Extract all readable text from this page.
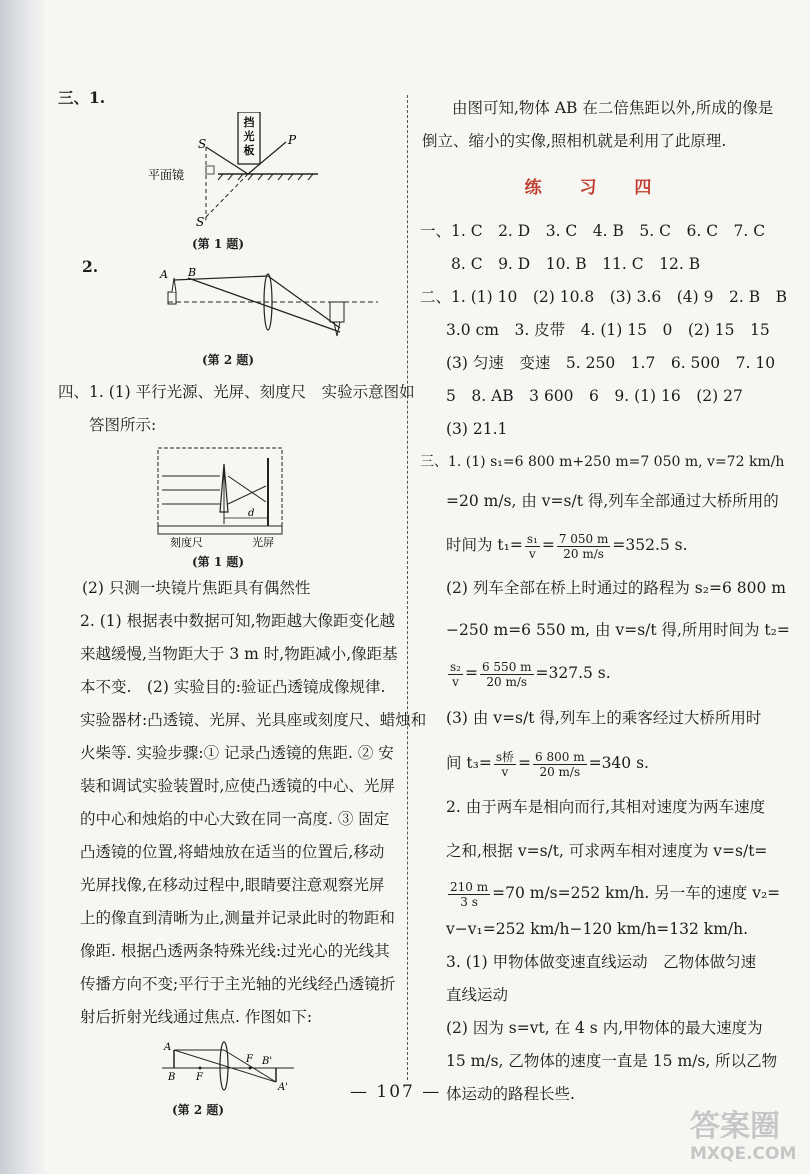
三、1.
挡
光
板
S	P
S'
平面镜
(第 1 题)
2.	A B
(第 2 题)
四、1. (1) 平行光源、光屏、刻度尺　实验示意图如
　　答图所示:
d
刻度尺	光屏
(第 1 题)
(2) 只测一块镜片焦距具有偶然性
2. (1) 根据表中数据可知,物距越大像距变化越
来越缓慢,当物距大于 3 m 时,物距减小,像距基
本不变.　(2) 实验目的:验证凸透镜成像规律.
实验器材:凸透镜、光屏、光具座或刻度尺、蜡烛和
火柴等. 实验步骤:① 记录凸透镜的焦距. ② 安
装和调试实验装置时,应使凸透镜的中心、光屏
的中心和烛焰的中心大致在同一高度. ③ 固定
凸透镜的位置,将蜡烛放在适当的位置后,移动
光屏找像,在移动过程中,眼睛要注意观察光屏
上的像直到清晰为止,测量并记录此时的物距和
像距. 根据凸透两条特殊光线:过光心的光线其
传播方向不变;平行于主光轴的光线经凸透镜折
射后折射光线通过焦点. 作图如下:
A
B F
F B'
A'
(第 2 题)
由图可知,物体 AB 在二倍焦距以外,所成的像是
倒立、缩小的实像,照相机就是利用了此原理.
练 习 四
一、1. C　2. D　3. C　4. B　5. C　6. C　7. C
　　8. C　9. D　10. B　11. C　12. B
二、1. (1) 10　(2) 10.8　(3) 3.6　(4) 9　2. B　B
3.0 cm　3. 皮带　4. (1) 15　0　(2) 15　15
(3) 匀速　变速　5. 250　1.7　6. 500　7. 10
5　8. AB　3 600　6　9. (1) 16　(2) 27
(3) 21.1
三、1. (1) s₁=6 800 m+250 m=7 050 m, v=72 km/h
=20 m/s, 由 v=s/t 得,列车全部通过大桥所用的
时间为 $t_1= \frac{\text{s₁}}{v} = \frac{7 050 m}{20 m/s} =352.5$ s.
(2) 列车全部在桥上时通过的路程为 s₂=6 800 m
−250 m=6 550 m, 由 v=s/t 得,所用时间为 t₂=
$\frac{\text{s₂}}{v} = \frac{6 550 m}{20 m/s} =327.5$ s.
(3) 由 v=s/t 得,列车上的乘客经过大桥所用时
间 $t_3= \frac{\text{s桥}}{v} = \frac{6 800 m}{20 m/s} =340$ s.
2. 由于两车是相向而行,其相对速度为两车速度
之和,根据 v=s/t, 可求两车相对速度为 v=s/t=
$\frac{210 m}{3 s} =70$ m/s=252 km/h. 另一车的速度 v₂=
v−v₁=252 km/h−120 km/h=132 km/h.
3. (1) 甲物体做变速直线运动　乙物体做匀速
直线运动
(2) 因为 s=vt, 在 4 s 内,甲物体的最大速度为
15 m/s, 乙物体的速度一直是 15 m/s, 所以乙物
体运动的路程长些.
— 107 —
答案圈
MXQE.COM
